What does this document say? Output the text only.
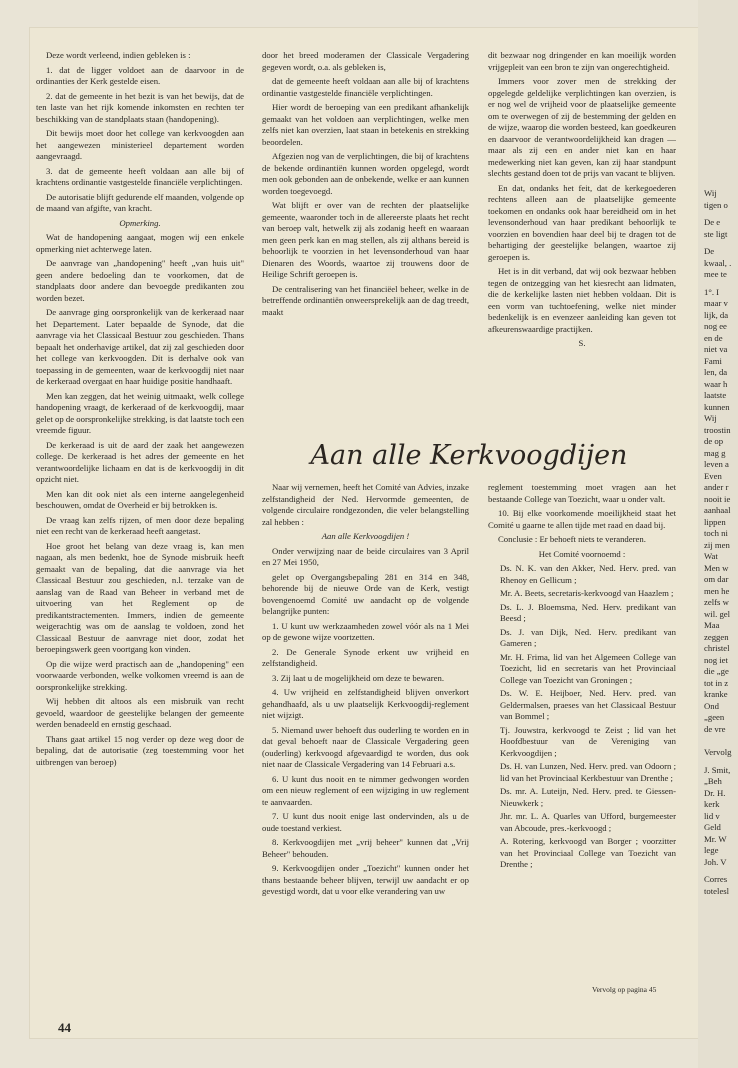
Deze wordt verleend, indien gebleken is :

1. dat de ligger voldoet aan de daarvoor in de ordinanties der Kerk gestelde eisen.

2. dat de gemeente in het bezit is van het bewijs, dat de ten laste van het rijk komende inkomsten en rechten ter beschikking van de standplaats staan (handopening).

Dit bewijs moet door het college van kerkvoogden aan het aangewezen ministerieel departement worden aangevraagd.

3. dat de gemeente heeft voldaan aan alle bij of krachtens ordinantie vastgestelde financiële verplichtingen.

De autorisatie blijft gedurende elf maanden, volgende op de maand van afgifte, van kracht.

Opmerking.

Wat de handopening aangaat, mogen wij een enkele opmerking niet achterwege laten.

De aanvrage van „handopening" heeft „van huis uit" geen andere bedoeling dan te voorkomen, dat de standplaats door andere dan bevoegde predikanten zou worden bezet.

De aanvrage ging oorspronkelijk van de kerkeraad naar het Departement. Later bepaalde de Synode, dat die aanvrage via het Classicaal Bestuur zou geschieden. Thans bepaalt het onderhavige artikel, dat zij zal geschieden door het college van kerkvoogden. Dit is derhalve ook van toepassing in de gemeenten, waar de kerkvoogdij niet naar de kerkeraad overgaat en haar huidige positie handhaaft.

Men kan zeggen, dat het weinig uitmaakt, welk college handopening vraagt, de kerkeraad of de kerkvoogdij, maar gelet op de oorspronkelijke strekking, is dat laatste toch een vreemde figuur.

De kerkeraad is uit de aard der zaak het aangewezen college. De kerkeraad is het adres der gemeente en het verantwoordelijke lichaam en dat is de kerkvoogdij in dit opzicht niet.

Men kan dit ook niet als een interne aangelegenheid beschouwen, omdat de Overheid er bij betrokken is.

De vraag kan zelfs rijzen, of men door deze bepaling niet een recht van de kerkeraad heeft aangetast.

Hoe groot het belang van deze vraag is, kan men nagaan, als men bedenkt, hoe de Synode misbruik heeft gemaakt van de bepaling, dat die aanvrage via het Classicaal Bestuur zou geschieden, n.l. terzake van de aanslag van de Raad van Beheer in verband met de uitvoering van het Reglement op de predikantstractementen. Immers, indien de gemeente weigerachtig was om de aanslag te voldoen, zond het Classicaal Bestuur de aanvrage niet door, zodat het beroepingswerk geen voortgang kon vinden.

Op die wijze werd practisch aan de „handopening" een voorwaarde verbonden, welke volkomen vreemd is aan de oorspronkelijke strekking.

Wij hebben dit altoos als een misbruik van recht gevoeld, waardoor de geestelijke belangen der gemeente werden benadeeld en ernstig geschaad.

Thans gaat artikel 15 nog verder op deze weg door de bepaling, dat de autorisatie (zeg toestemming voor het uitbrengen van beroep)

door het breed moderamen der Classicale Vergadering gegeven wordt, o.a. als gebleken is,

dat de gemeente heeft voldaan aan alle bij of krachtens ordinantie vastgestelde financiële verplichtingen.

Hier wordt de beroeping van een predikant afhankelijk gemaakt van het voldoen aan verplichtingen, welke men zelfs niet kan overzien, laat staan in betekenis en strekking beoordelen.

Afgezien nog van de verplichtingen, die bij of krachtens de bekende ordinantiën kunnen worden opgelegd, wordt men ook gebonden aan de onbekende, welke er aan kunnen worden toegevoegd.

Wat blijft er over van de rechten der plaatselijke gemeente, waaronder toch in de allereerste plaats het recht van beroep valt, hetwelk zij als zodanig heeft en waaraan men geen perk kan en mag stellen, als zij althans bereid is behoorlijk te voorzien in het levensonderhoud van haar Dienaren des Woords, waartoe zij trouwens door de Heilige Schrift geroepen is.

De centralisering van het financiëel beheer, welke in de betreffende ordinantiën onweersprekelijk aan de dag treedt, maakt

dit bezwaar nog dringender en kan moeilijk worden vrijgepleit van een bron te zijn van ongerechtigheid.

Immers voor zover men de strekking der opgelegde geldelijke verplichtingen kan overzien, is er nog wel de vrijheid voor de plaatselijke gemeente om te overwegen of zij de bestemming der gelden en de wijze, waarop die worden besteed, kan goedkeuren en daarvoor de verantwoordelijkheid kan dragen — maar als zij een en ander niet kan en haar medewerking niet kan geven, kan zij haar standpunt slechts gestand doen tot de prijs van vacant te blijven.

En dat, ondanks het feit, dat de kerkegoederen rechtens alleen aan de plaatselijke gemeente toekomen en ondanks ook haar bereidheid om in het levensonderhoud van haar predikant behoorlijk te voorzien en bovendien haar deel bij te dragen tot de behartiging der geestelijke belangen, waartoe zij geroepen is.

Het is in dit verband, dat wij ook bezwaar hebben tegen de ontzegging van het kiesrecht aan lidmaten, die de kerkelijke lasten niet hebben voldaan. Dit is een vorm van tuchtoefening, welke niet minder bedenkelijk is en evenzeer aanleiding kan geven tot afkeurenswaardige practijken.

S.

Aan alle Kerkvoogdijen

Naar wij vernemen, heeft het Comité van Advies, inzake zelfstandigheid der Ned. Hervormde gemeenten, de volgende circulaire rondgezonden, die veler belangstelling zal hebben :

Aan alle Kerkvoogdijen !

Onder verwijzing naar de beide circulaires van 3 April en 27 Mei 1950,

gelet op Overgangsbepaling 281 en 314 en 348, behorende bij de nieuwe Orde van de Kerk, vestigt bovengenoemd Comité uw aandacht op de volgende belangrijke punten:

1. U kunt uw werkzaamheden zowel vóór als na 1 Mei op de gewone wijze voortzetten.

2. De Generale Synode erkent uw vrijheid en zelfstandigheid.

3. Zij laat u de mogelijkheid om deze te bewaren.

4. Uw vrijheid en zelfstandigheid blijven onverkort gehandhaafd, als u uw plaatselijk Kerkvoogdij-reglement niet wijzigt.

5. Niemand uwer behoeft dus ouderling te worden en in dat geval behoeft naar de Classicale Vergadering geen (ouderling) kerkvoogd afgevaardigd te worden, dus ook niet naar de Classicale Vergadering van 14 Februari a.s.

6. U kunt dus nooit en te nimmer gedwongen worden om een nieuw reglement of een wijziging in uw reglement te aanvaarden.

7. U kunt dus nooit enige last ondervinden, als u de oude toestand verkiest.

8. Kerkvoogdijen met „vrij beheer" kunnen dat „Vrij Beheer" behouden.

9. Kerkvoogdijen onder „Toezicht" kunnen onder het thans bestaande beheer blijven, terwijl uw aandacht er op gevestigd wordt, dat u voor elke verandering van uw

reglement toestemming moet vragen aan het bestaande College van Toezicht, waar u onder valt.

10. Bij elke voorkomende moeilijkheid staat het Comité u gaarne te allen tijde met raad en daad bij.

Conclusie : Er behoeft niets te veranderen.

Het Comité voornoemd :

Ds. N. K. van den Akker, Ned. Herv. pred. van Rhenoy en Gellicum ;

Mr. A. Beets, secretaris-kerkvoogd van Haazlem ;

Ds. L. J. Bloemsma, Ned. Herv. predikant van Beesd ;

Ds. J. van Dijk, Ned. Herv. predikant van Gameren ;

Mr. H. Frima, lid van het Algemeen College van Toezicht, lid en secretaris van het Provinciaal College van Toezicht van Groningen ;

Ds. W. E. Heijboer, Ned. Herv. pred. van Geldermalsen, praeses van het Classicaal Bestuur van Bommel ;

Tj. Jouwstra, kerkvoogd te Zeist ; lid van het Hoofdbestuur van de Vereniging van Kerkvoogdijen ;

Ds. H. van Lunzen, Ned. Herv. pred. van Odoorn ; lid van het Provinciaal Kerkbestuur van Drenthe ;

Ds. mr. A. Luteijn, Ned. Herv. pred. te Giessen-Nieuwkerk ;

Jhr. mr. L. A. Quarles van Ufford, burgemeester van Abcoude, pres.-kerkvoogd ;

A. Rotering, kerkvoogd van Borger ; voorzitter van het Provinciaal College van Toezicht van Drenthe ;

Vervolg op pagina 45
44
Wij
tigen o
De e
ste ligt
De
kwaal, .
mee te
1°. I
maar v
lijk, da
nog ee
en de
niet va
Fami
len, da
waar h
laatste
kunnen
Wij
troostin
de op
mag g
leven a
Even
ander r
nooit ie
aanhaal
lippen
toch ni
zij men
Wat
Men w
om dar
men he
zelfs w
wil. gel
Maa
zeggen
christel
nog iet
die „ge
tot in z
kranke
Ond
„geen
de vre
Vervolg
J. Smit,
„Beh
Dr. H.
kerk
lid v
Geld
Mr. W
lege
Joh. V
Corres
totelesl
